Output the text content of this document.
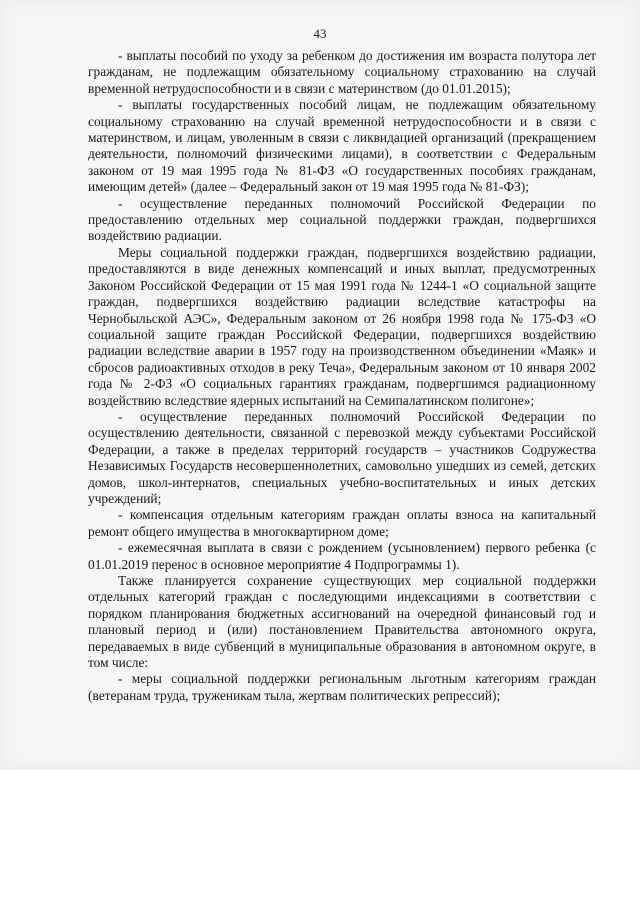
43

- выплаты пособий по уходу за ребенком до достижения им возраста полутора лет гражданам, не подлежащим обязательному социальному страхованию на случай временной нетрудоспособности и в связи с материнством (до 01.01.2015);

- выплаты государственных пособий лицам, не подлежащим обязательному социальному страхованию на случай временной нетрудоспособности и в связи с материнством, и лицам, уволенным в связи с ликвидацией организаций (прекращением деятельности, полномочий физическими лицами), в соответствии с Федеральным законом от 19 мая 1995 года № 81-ФЗ «О государственных пособиях гражданам, имеющим детей» (далее – Федеральный закон от 19 мая 1995 года № 81-ФЗ);

- осуществление переданных полномочий Российской Федерации по предоставлению отдельных мер социальной поддержки граждан, подвергшихся воздействию радиации.

Меры социальной поддержки граждан, подвергшихся воздействию радиации, предоставляются в виде денежных компенсаций и иных выплат, предусмотренных Законом Российской Федерации от 15 мая 1991 года № 1244-1 «О социальной защите граждан, подвергшихся воздействию радиации вследствие катастрофы на Чернобыльской АЭС», Федеральным законом от 26 ноября 1998 года № 175-ФЗ «О социальной защите граждан Российской Федерации, подвергшихся воздействию радиации вследствие аварии в 1957 году на производственном объединении «Маяк» и сбросов радиоактивных отходов в реку Теча», Федеральным законом от 10 января 2002 года № 2-ФЗ «О социальных гарантиях гражданам, подвергшимся радиационному воздействию вследствие ядерных испытаний на Семипалатинском полигоне»;

- осуществление переданных полномочий Российской Федерации по осуществлению деятельности, связанной с перевозкой между субъектами Российской Федерации, а также в пределах территорий государств – участников Содружества Независимых Государств несовершеннолетних, самовольно ушедших из семей, детских домов, школ-интернатов, специальных учебно-воспитательных и иных детских учреждений;

- компенсация отдельным категориям граждан оплаты взноса на капитальный ремонт общего имущества в многоквартирном доме;

- ежемесячная выплата в связи с рождением (усыновлением) первого ребенка (с 01.01.2019 перенос в основное мероприятие 4 Подпрограммы 1).

Также планируется сохранение существующих мер социальной поддержки отдельных категорий граждан с последующими индексациями в соответствии с порядком планирования бюджетных ассигнований на очередной финансовый год и плановый период и (или) постановлением Правительства автономного округа, передаваемых в виде субвенций в муниципальные образования в автономном округе, в том числе:

- меры социальной поддержки региональным льготным категориям граждан (ветеранам труда, труженикам тыла, жертвам политических репрессий);
